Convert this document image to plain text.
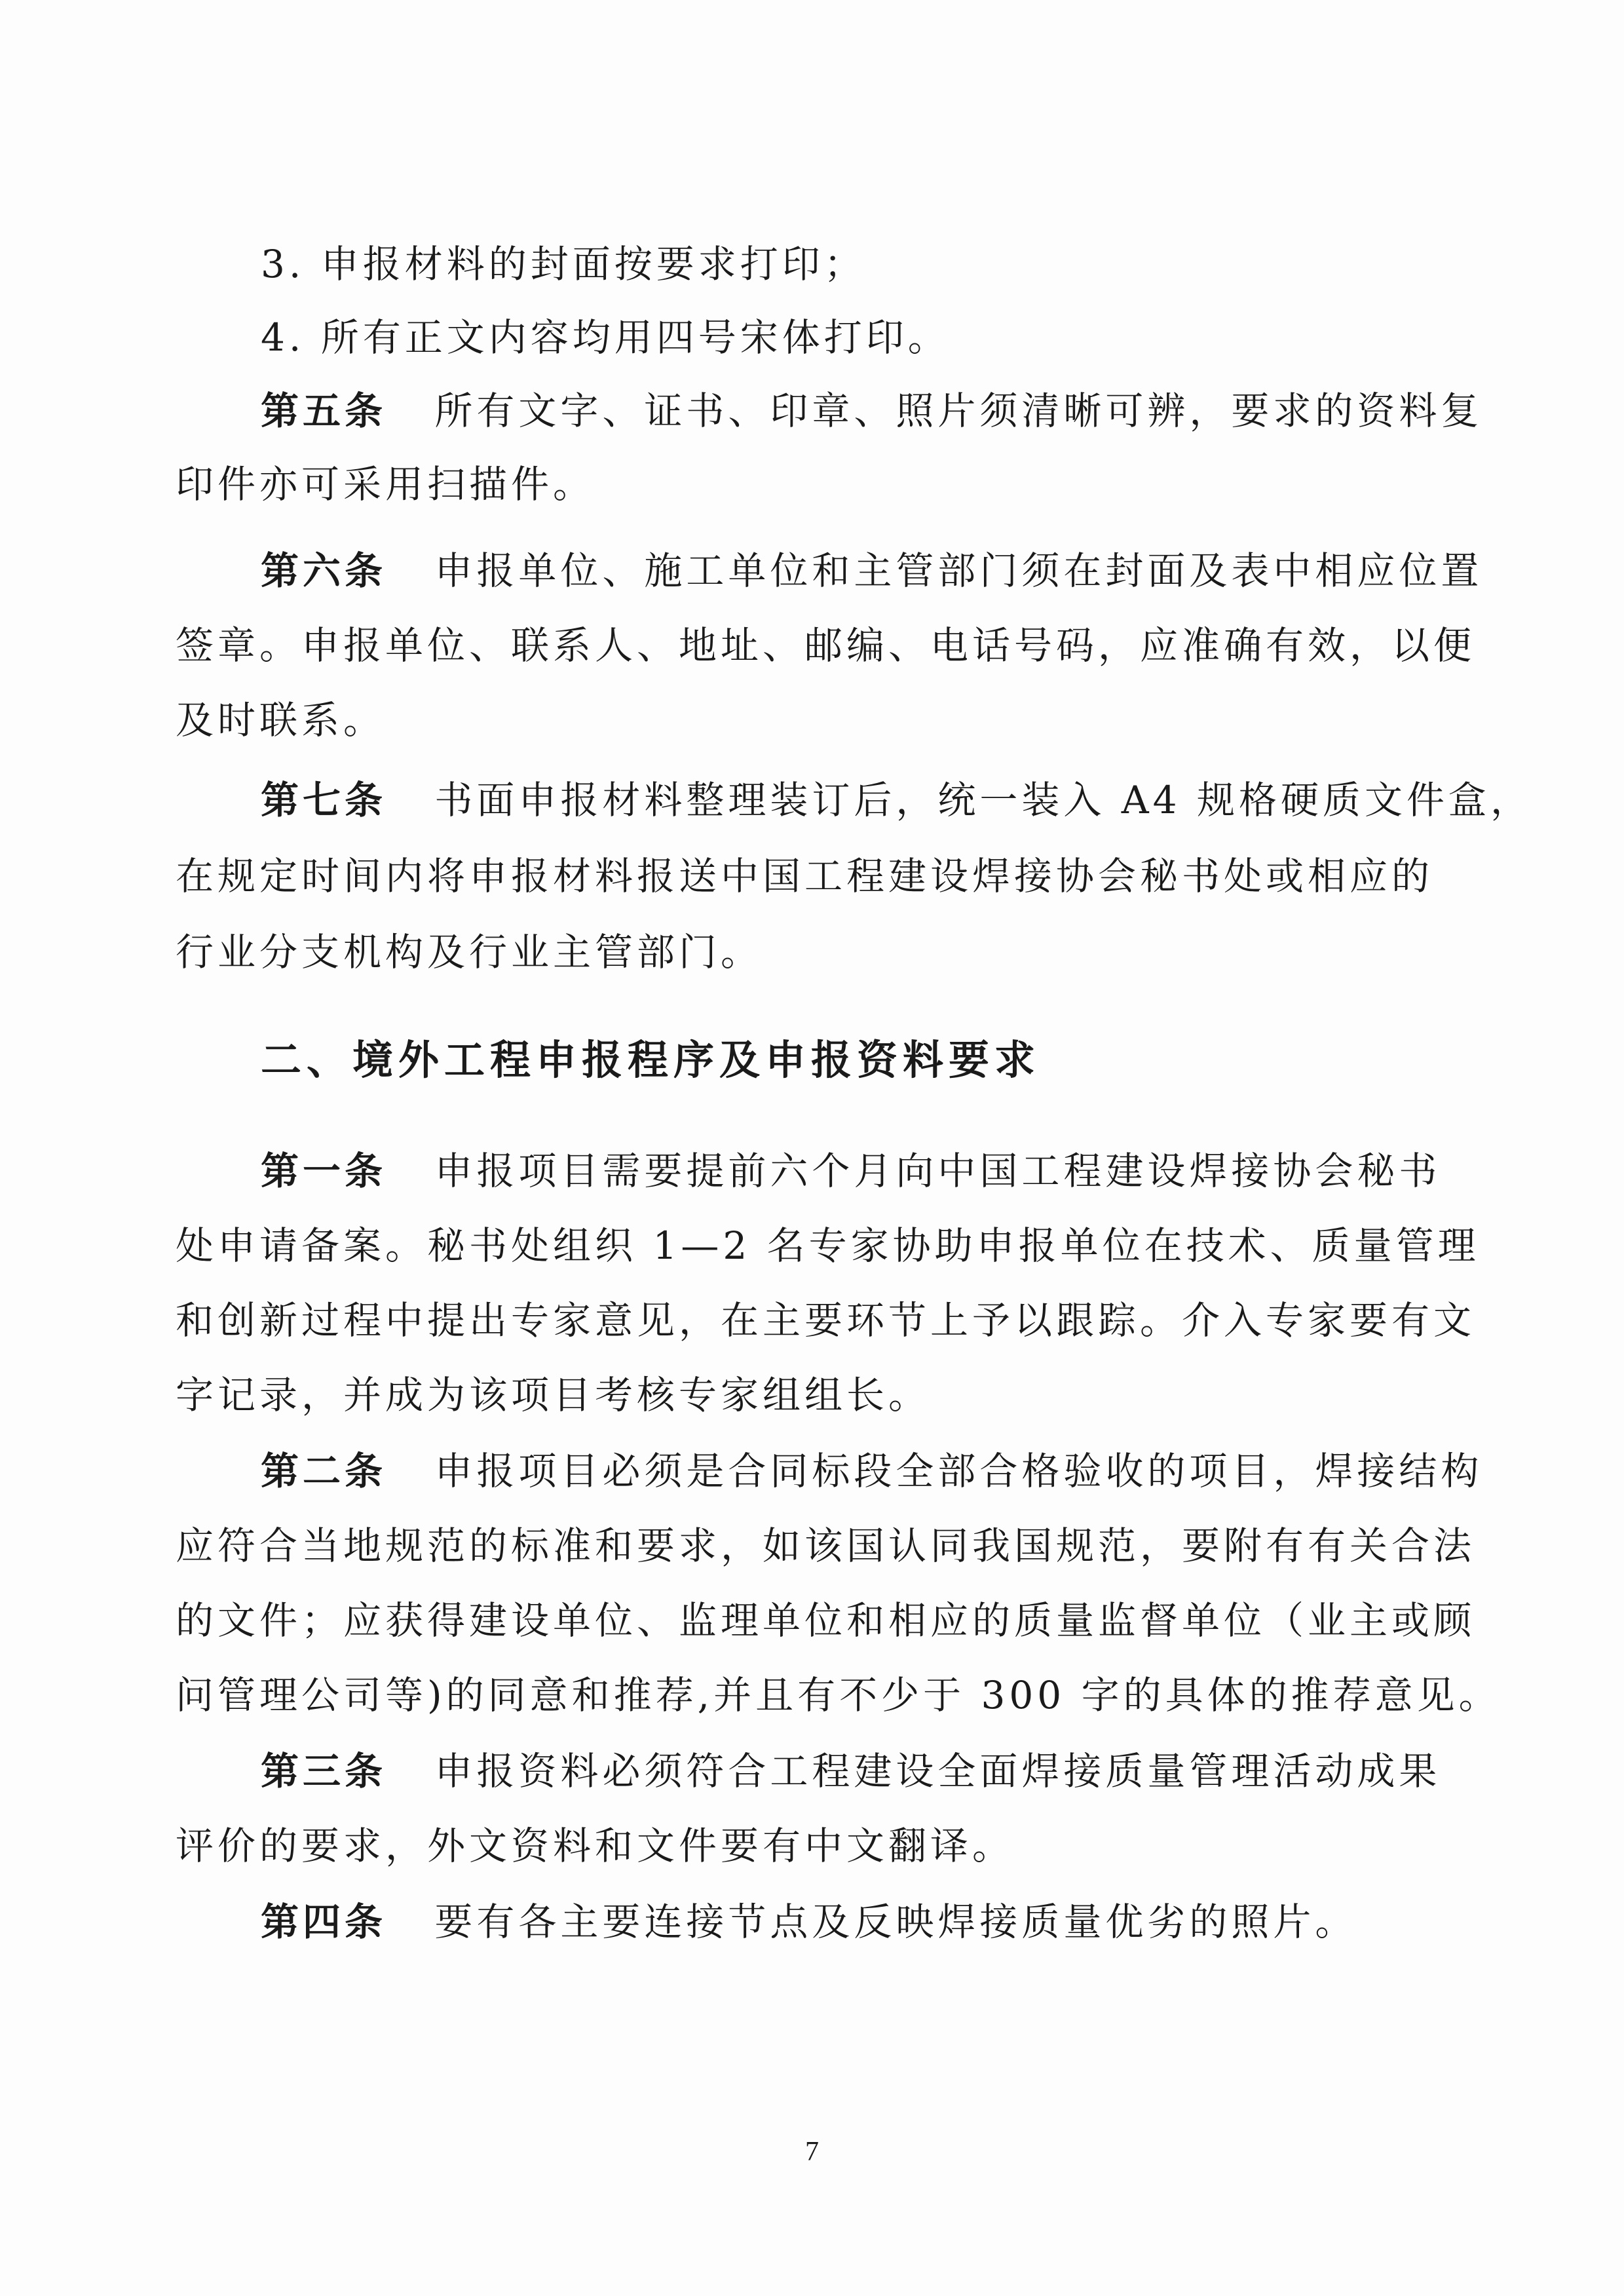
3. 申报材料的封面按要求打印；
4. 所有正文内容均用四号宋体打印。
第五条 所有文字、证书、印章、照片须清晰可辨，要求的资料复
印件亦可采用扫描件。
第六条 申报单位、施工单位和主管部门须在封面及表中相应位置
签章。申报单位、联系人、地址、邮编、电话号码，应准确有效，以便
及时联系。
第七条 书面申报材料整理装订后，统一装入 A4 规格硬质文件盒，
在规定时间内将申报材料报送中国工程建设焊接协会秘书处或相应的
行业分支机构及行业主管部门。
二、境外工程申报程序及申报资料要求
第一条 申报项目需要提前六个月向中国工程建设焊接协会秘书
处申请备案。秘书处组织 1—2 名专家协助申报单位在技术、质量管理
和创新过程中提出专家意见，在主要环节上予以跟踪。介入专家要有文
字记录，并成为该项目考核专家组组长。
第二条 申报项目必须是合同标段全部合格验收的项目，焊接结构
应符合当地规范的标准和要求，如该国认同我国规范，要附有有关合法
的文件；应获得建设单位、监理单位和相应的质量监督单位（业主或顾
问管理公司等)的同意和推荐,并且有不少于 300 字的具体的推荐意见。
第三条 申报资料必须符合工程建设全面焊接质量管理活动成果
评价的要求，外文资料和文件要有中文翻译。
第四条 要有各主要连接节点及反映焊接质量优劣的照片。
7
